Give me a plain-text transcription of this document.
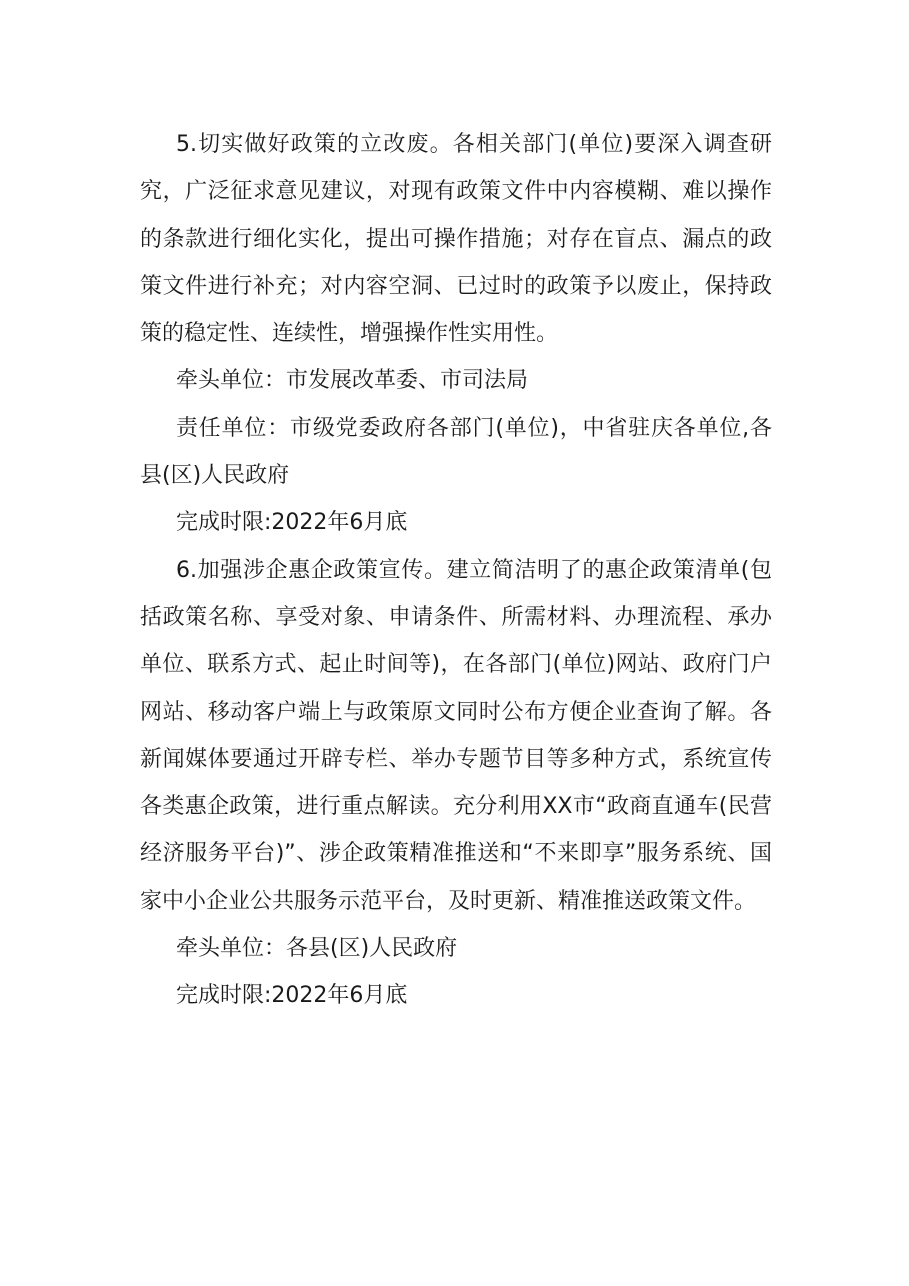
5.切实做好政策的立改废。各相关部门(单位)要深入调查研究，广泛征求意见建议，对现有政策文件中内容模糊、难以操作的条款进行细化实化，提出可操作措施；对存在盲点、漏点的政策文件进行补充；对内容空洞、已过时的政策予以废止，保持政策的稳定性、连续性，增强操作性实用性。

牵头单位：市发展改革委、市司法局

责任单位：市级党委政府各部门(单位)，中省驻庆各单位,各县(区)人民政府

完成时限:2022年6月底

6.加强涉企惠企政策宣传。建立简洁明了的惠企政策清单(包括政策名称、享受对象、申请条件、所需材料、办理流程、承办单位、联系方式、起止时间等)，在各部门(单位)网站、政府门户网站、移动客户端上与政策原文同时公布方便企业查询了解。各新闻媒体要通过开辟专栏、举办专题节目等多种方式，系统宣传各类惠企政策，进行重点解读。充分利用XX市“政商直通车(民营经济服务平台)”、涉企政策精准推送和“不来即享”服务系统、国家中小企业公共服务示范平台，及时更新、精准推送政策文件。

牵头单位：各县(区)人民政府

完成时限:2022年6月底
